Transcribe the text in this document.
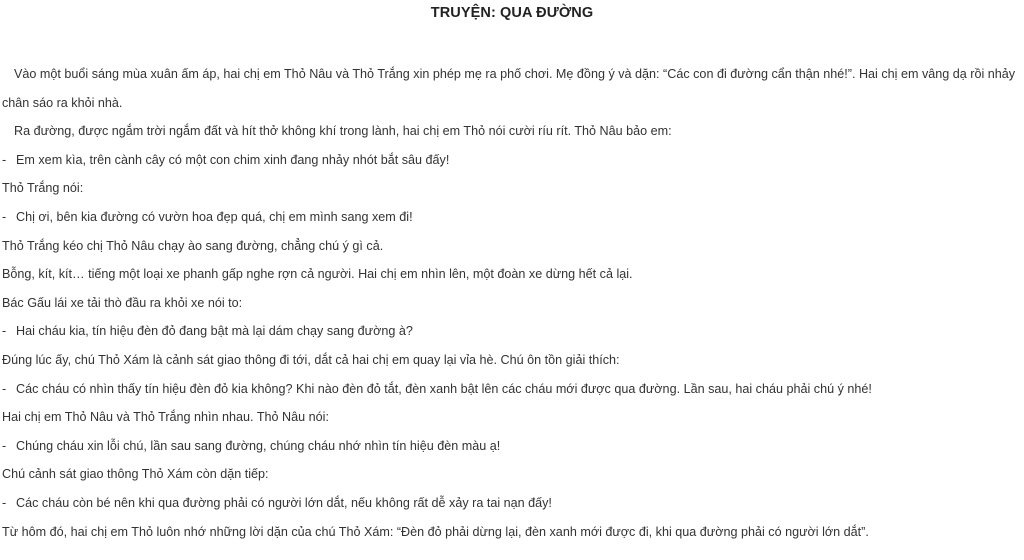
TRUYỆN: QUA ĐƯỜNG

Vào một buổi sáng mùa xuân ấm áp, hai chị em Thỏ Nâu và Thỏ Trắng xin phép mẹ ra phố chơi. Mẹ đồng ý và dặn: “Các con đi đường cẩn thận nhé!”. Hai chị em vâng dạ rồi nhảy chân sáo ra khỏi nhà.

Ra đường, được ngắm trời ngắm đất và hít thở không khí trong lành, hai chị em Thỏ nói cười ríu rít. Thỏ Nâu bảo em:

- Em xem kìa, trên cành cây có một con chim xinh đang nhảy nhót bắt sâu đấy!

Thỏ Trắng nói:

- Chị ơi, bên kia đường có vườn hoa đẹp quá, chị em mình sang xem đi!

Thỏ Trắng kéo chị Thỏ Nâu chạy ào sang đường, chẳng chú ý gì cả.

Bỗng, kít, kít… tiếng một loại xe phanh gấp nghe rợn cả người. Hai chị em nhìn lên, một đoàn xe dừng hết cả lại.

Bác Gấu lái xe tải thò đầu ra khỏi xe nói to:

- Hai cháu kia, tín hiệu đèn đỏ đang bật mà lại dám chạy sang đường à?

Đúng lúc ấy, chú Thỏ Xám là cảnh sát giao thông đi tới, dắt cả hai chị em quay lại vỉa hè. Chú ôn tồn giải thích:

- Các cháu có nhìn thấy tín hiệu đèn đỏ kia không? Khi nào đèn đỏ tắt, đèn xanh bật lên các cháu mới được qua đường. Lần sau, hai cháu phải chú ý nhé!

Hai chị em Thỏ Nâu và Thỏ Trắng nhìn nhau. Thỏ Nâu nói:

- Chúng cháu xin lỗi chú, lần sau sang đường, chúng cháu nhớ nhìn tín hiệu đèn màu ạ!

Chú cảnh sát giao thông Thỏ Xám còn dặn tiếp:

- Các cháu còn bé nên khi qua đường phải có người lớn dắt, nếu không rất dễ xảy ra tai nạn đấy!

Từ hôm đó, hai chị em Thỏ luôn nhớ những lời dặn của chú Thỏ Xám: “Đèn đỏ phải dừng lại, đèn xanh mới được đi, khi qua đường phải có người lớn dắt”.
